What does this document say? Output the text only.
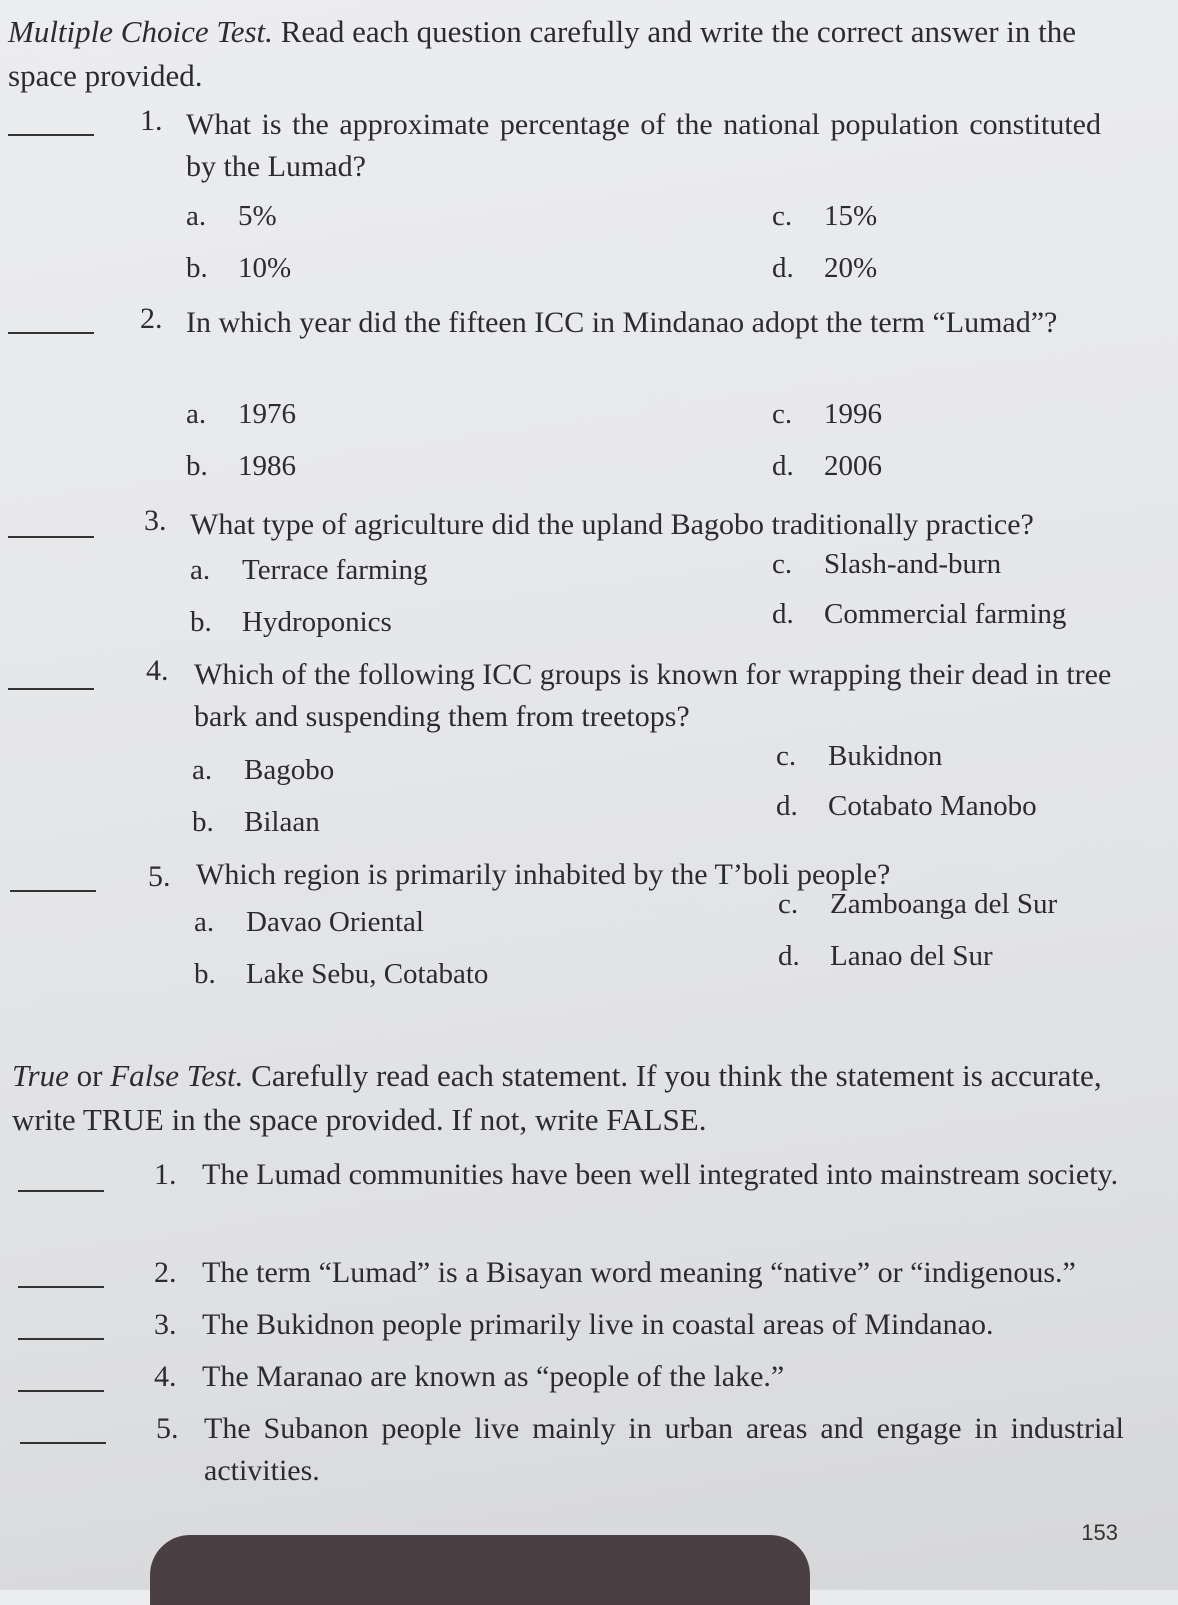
Multiple Choice Test. Read each question carefully and write the correct answer in the space provided.

1. What is the approximate percentage of the national population constituted by the Lumad?

a. 5%
b. 10%
c. 15%
d. 20%
2. In which year did the fifteen ICC in Mindanao adopt the term “Lumad”?

a. 1976
b. 1986
c. 1996
d. 2006
3. What type of agriculture did the upland Bagobo traditionally practice?

a. Terrace farming
b. Hydroponics
c. Slash-and-burn
d. Commercial farming
4. Which of the following ICC groups is known for wrapping their dead in tree bark and suspending them from treetops?

a. Bagobo
b. Bilaan
c. Bukidnon
d. Cotabato Manobo
5. Which region is primarily inhabited by the T’boli people?

a. Davao Oriental
b. Lake Sebu, Cotabato
c. Zamboanga del Sur
d. Lanao del Sur

True or False Test. Carefully read each statement. If you think the statement is accurate, write TRUE in the space provided. If not, write FALSE.

1. The Lumad communities have been well integrated into mainstream society.

2. The term “Lumad” is a Bisayan word meaning “native” or “indigenous.”

3. The Bukidnon people primarily live in coastal areas of Mindanao.

4. The Maranao are known as “people of the lake.”

5. The Subanon people live mainly in urban areas and engage in industrial activities.

153
